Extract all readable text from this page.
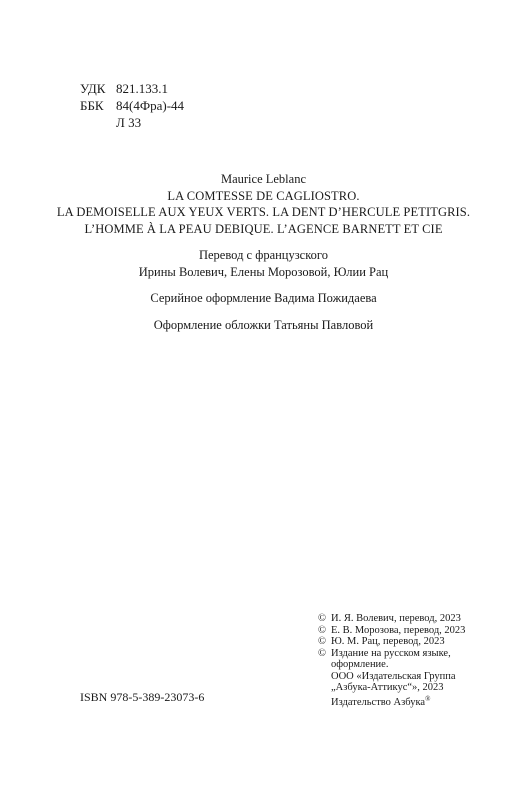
УДК 821.133.1
ББК 84(4Фра)-44
Л 33
Maurice Leblanc
LA COMTESSE DE CAGLIOSTRO.
LA DEMOISELLE AUX YEUX VERTS. LA DENT D’HERCULE PETITGRIS.
L’HOMME À LA PEAU DEBIQUE. L’AGENCE BARNETT ET CIE
Перевод с французского
Ирины Волевич, Елены Морозовой, Юлии Рац
Серийное оформление Вадима Пожидаева
Оформление обложки Татьяны Павловой
© И. Я. Волевич, перевод, 2023
© Е. В. Морозова, перевод, 2023
© Ю. М. Рац, перевод, 2023
© Издание на русском языке,
оформление.
ООО «Издательская Группа
„Азбука-Аттикус“», 2023
Издательство Азбука®
ISBN 978-5-389-23073-6
